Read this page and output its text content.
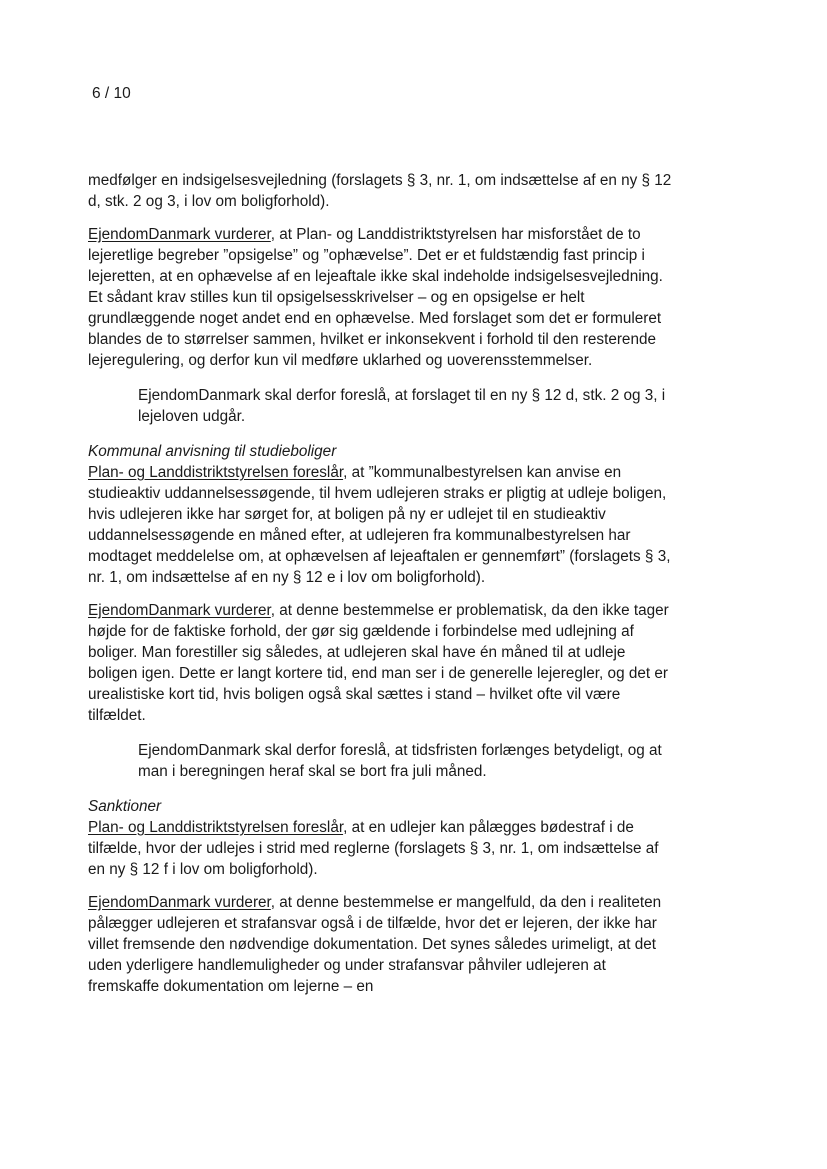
6 / 10

medfølger en indsigelsesvejledning (forslagets § 3, nr. 1, om indsættelse af en ny § 12 d, stk. 2 og 3, i lov om boligforhold).

EjendomDanmark vurderer, at Plan- og Landdistriktstyrelsen har misforstået de to lejeretlige begreber ”opsigelse” og ”ophævelse”. Det er et fuldstændig fast princip i lejeretten, at en ophævelse af en lejeaftale ikke skal indeholde indsigelsesvejledning. Et sådant krav stilles kun til opsigelsesskrivelser – og en opsigelse er helt grundlæggende noget andet end en ophævelse. Med forslaget som det er formuleret blandes de to størrelser sammen, hvilket er inkonsekvent i forhold til den resterende lejeregulering, og derfor kun vil medføre uklarhed og uoverensstemmelser.

EjendomDanmark skal derfor foreslå, at forslaget til en ny § 12 d, stk. 2 og 3, i lejeloven udgår.

Kommunal anvisning til studieboliger

Plan- og Landdistriktstyrelsen foreslår, at ”kommunalbestyrelsen kan anvise en studieaktiv uddannelsessøgende, til hvem udlejeren straks er pligtig at udleje boligen, hvis udlejeren ikke har sørget for, at boligen på ny er udlejet til en studieaktiv uddannelsessøgende en måned efter, at udlejeren fra kommunalbestyrelsen har modtaget meddelelse om, at ophævelsen af lejeaftalen er gennemført” (forslagets § 3, nr. 1, om indsættelse af en ny § 12 e i lov om boligforhold).

EjendomDanmark vurderer, at denne bestemmelse er problematisk, da den ikke tager højde for de faktiske forhold, der gør sig gældende i forbindelse med udlejning af boliger. Man forestiller sig således, at udlejeren skal have én måned til at udleje boligen igen. Dette er langt kortere tid, end man ser i de generelle lejeregler, og det er urealistiske kort tid, hvis boligen også skal sættes i stand – hvilket ofte vil være tilfældet.

EjendomDanmark skal derfor foreslå, at tidsfristen forlænges betydeligt, og at man i beregningen heraf skal se bort fra juli måned.

Sanktioner

Plan- og Landdistriktstyrelsen foreslår, at en udlejer kan pålægges bødestraf i de tilfælde, hvor der udlejes i strid med reglerne (forslagets § 3, nr. 1, om indsættelse af en ny § 12 f i lov om boligforhold).

EjendomDanmark vurderer, at denne bestemmelse er mangelfuld, da den i realiteten pålægger udlejeren et strafansvar også i de tilfælde, hvor det er lejeren, der ikke har villet fremsende den nødvendige dokumentation. Det synes således urimeligt, at det uden yderligere handlemuligheder og under strafansvar påhviler udlejeren at fremskaffe dokumentation om lejerne – en
